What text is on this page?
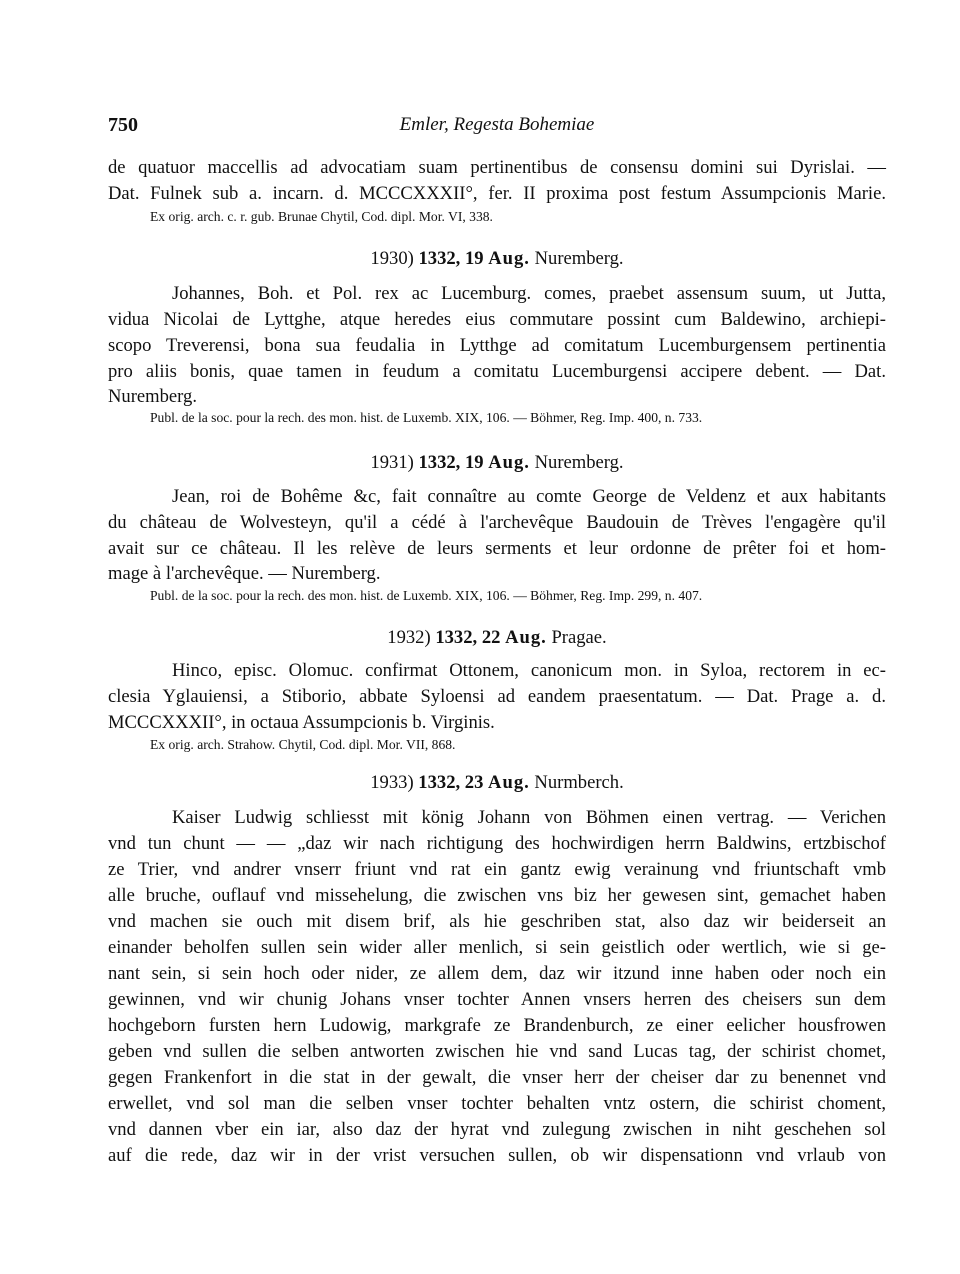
750	Emler, Regesta Bohemiae
de quatuor maccellis ad advocatiam suam pertinentibus de consensu domini sui Dyrislai. —
Dat. Fulnek sub a. incarn. d. MCCCXXXII°, fer. II proxima post festum Assumpcionis Marie.
Ex orig. arch. c. r. gub. Brunae Chytil, Cod. dipl. Mor. VI, 338.
1930) 1332, 19 Aug. Nuremberg.
Johannes, Boh. et Pol. rex ac Lucemburg. comes, praebet assensum suum, ut Jutta,
vidua Nicolai de Lyttghe, atque heredes eius commutare possint cum Baldewino, archiepi-
scopo Treverensi, bona sua feudalia in Lytthge ad comitatum Lucemburgensem pertinentia
pro aliis bonis, quae tamen in feudum a comitatu Lucemburgensi accipere debent. — Dat.
Nuremberg.
Publ. de la soc. pour la rech. des mon. hist. de Luxemb. XIX, 106. — Böhmer, Reg. Imp. 400, n. 733.
1931) 1332, 19 Aug. Nuremberg.
Jean, roi de Bohême &c, fait connaître au comte George de Veldenz et aux habitants
du château de Wolvesteyn, qu'il a cédé à l'archevêque Baudouin de Trèves l'engagère qu'il
avait sur ce château. Il les relève de leurs serments et leur ordonne de prêter foi et hom-
mage à l'archevêque. — Nuremberg.
Publ. de la soc. pour la rech. des mon. hist. de Luxemb. XIX, 106. — Böhmer, Reg. Imp. 299, n. 407.
1932) 1332, 22 Aug. Pragae.
Hinco, episc. Olomuc. confirmat Ottonem, canonicum mon. in Syloa, rectorem in ec-
clesia Yglauiensi, a Stiborio, abbate Syloensi ad eandem praesentatum. — Dat. Prage a. d.
MCCCXXXII°, in octaua Assumpcionis b. Virginis.
Ex orig. arch. Strahow. Chytil, Cod. dipl. Mor. VII, 868.
1933) 1332, 23 Aug. Nurmberch.
Kaiser Ludwig schliesst mit könig Johann von Böhmen einen vertrag. — Verichen
vnd tun chunt — — „daz wir nach richtigung des hochwirdigen herrn Baldwins, ertzbischof
ze Trier, vnd andrer vnserr friunt vnd rat ein gantz ewig verainung vnd friuntschaft vmb
alle bruche, ouflauf vnd missehelung, die zwischen vns biz her gewesen sint, gemachet haben
vnd machen sie ouch mit disem brif, als hie geschriben stat, also daz wir beiderseit an
einander beholfen sullen sein wider aller menlich, si sein geistlich oder wertlich, wie si ge-
nant sein, si sein hoch oder nider, ze allem dem, daz wir itzund inne haben oder noch ein
gewinnen, vnd wir chunig Johans vnser tochter Annen vnsers herren des cheisers sun dem
hochgeborn fursten hern Ludowig, markgrafe ze Brandenburch, ze einer eelicher housfrowen
geben vnd sullen die selben antworten zwischen hie vnd sand Lucas tag, der schirist chomet,
gegen Frankenfort in die stat in der gewalt, die vnser herr der cheiser dar zu benennet vnd
erwellet, vnd sol man die selben vnser tochter behalten vntz ostern, die schirist choment,
vnd dannen vber ein iar, also daz der hyrat vnd zulegung zwischen in niht geschehen sol
auf die rede, daz wir in der vrist versuchen sullen, ob wir dispensationn vnd vrlaub von
